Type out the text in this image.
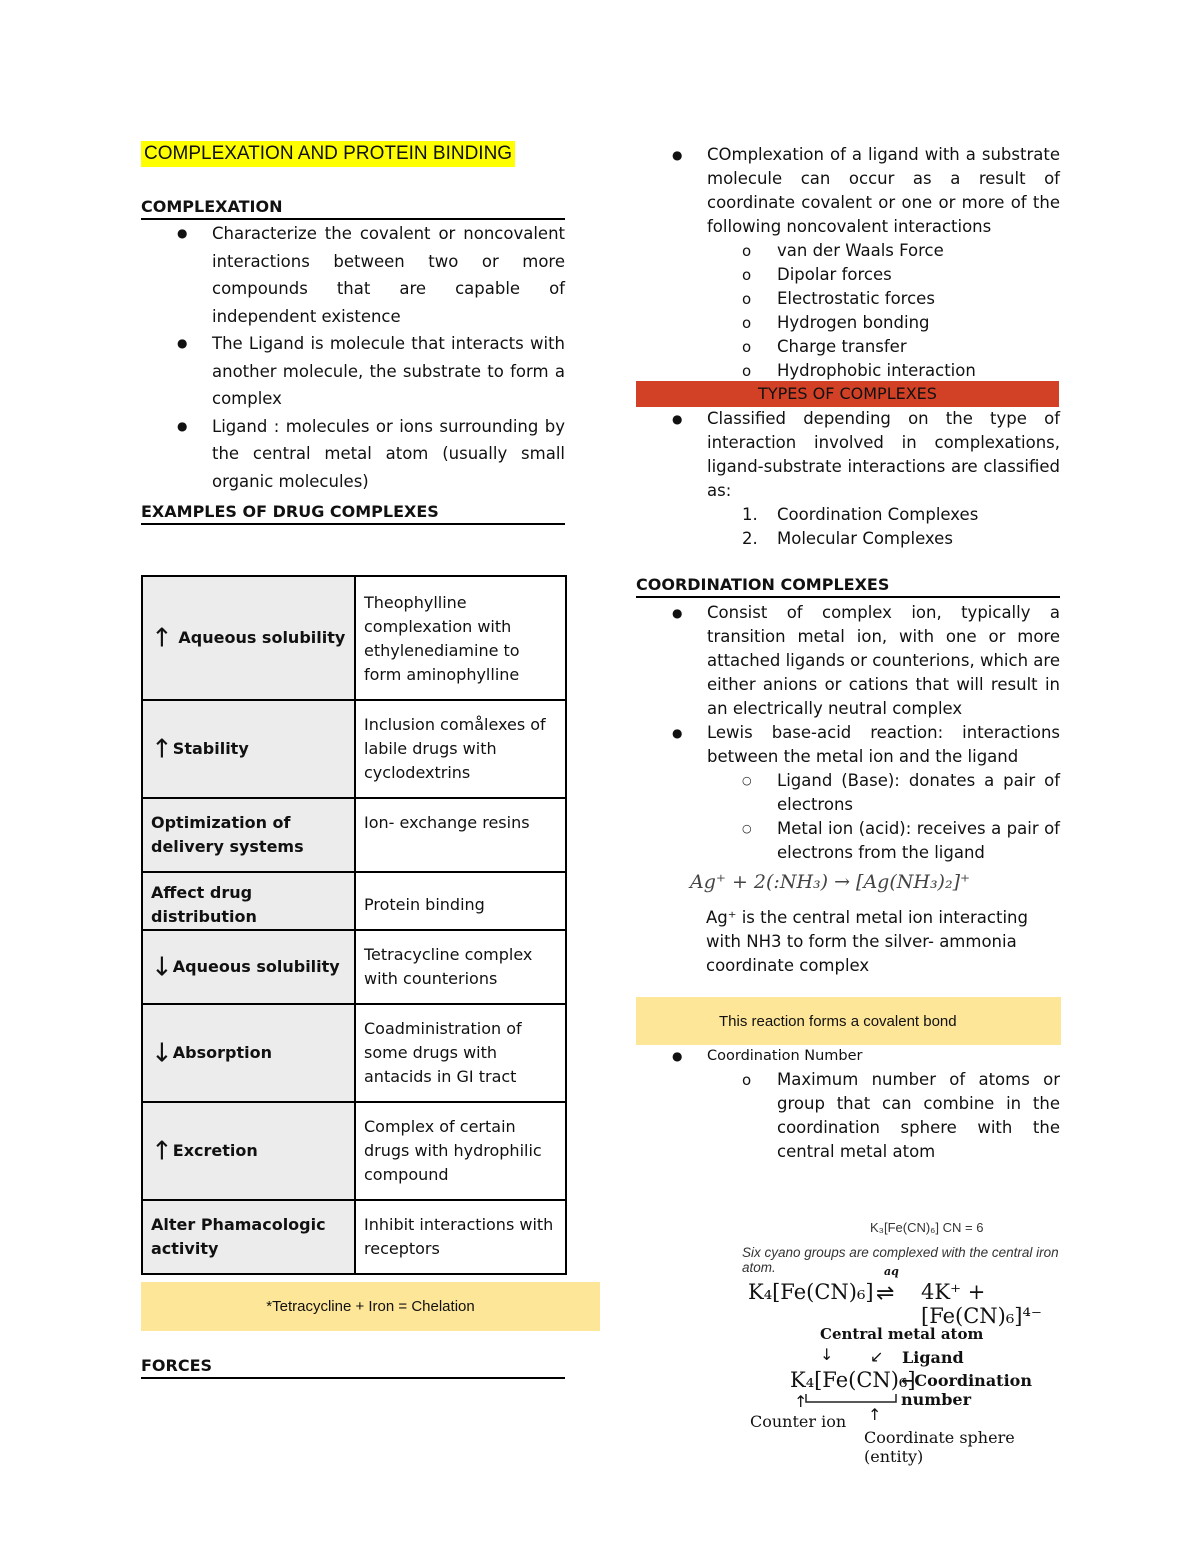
COMPLEXATION AND PROTEIN BINDING
COMPLEXATION
● Characterize the covalent or noncovalent interactions between two or more compounds that are capable of independent existence
● The Ligand is molecule that interacts with another molecule, the substrate to form a complex
● Ligand : molecules or ions surrounding by the central metal atom (usually small organic molecules)
EXAMPLES OF DRUG COMPLEXES
↑ Aqueous solubility	Theophylline complexation with ethylenediamine to form aminophylline
↑Stability	Inclusion comålexes of labile drugs with cyclodextrins
Optimization of delivery systems	Ion- exchange resins
Affect drug distribution	Protein binding
↓Aqueous solubility	Tetracycline complex with counterions
↓Absorption	Coadministration of some drugs with antacids in GI tract
↑Excretion	Complex of certain drugs with hydrophilic compound
Alter Phamacologic activity	Inhibit interactions with receptors
*Tetracycline + Iron = Chelation
FORCES
● COmplexation of a ligand with a substrate molecule can occur as a result of coordinate covalent or one or more of the following noncovalent interactions
o van der Waals Force
o Dipolar forces
o Electrostatic forces
o Hydrogen bonding
o Charge transfer
o Hydrophobic interaction
TYPES OF COMPLEXES
● Classified depending on the type of interaction involved in complexations, ligand-substrate interactions are classified as:
1. Coordination Complexes
2. Molecular Complexes
COORDINATION COMPLEXES
● Consist of complex ion, typically a transition metal ion, with one or more attached ligands or counterions, which are either anions or cations that will result in an electrically neutral complex
● Lewis base-acid reaction: interactions between the metal ion and the ligand
○ Ligand (Base): donates a pair of electrons
○ Metal ion (acid): receives a pair of electrons from the ligand
Ag⁺ + 2(:NH₃) → [Ag(NH₃)₂]⁺
Ag⁺ is the central metal ion interacting with NH3 to form the silver- ammonia coordinate complex
This reaction forms a covalent bond
● Coordination Number
o Maximum number of atoms or group that can combine in the coordination sphere with the central metal atom
K₃[Fe(CN)₆] CN = 6
Six cyano groups are complexed with the central iron atom.
K₄[Fe(CN)₆]
aq
⇌ 4K⁺ + [Fe(CN)₆]⁴⁻
Central metal atom
↓ ↙ Ligand
K₄[Fe(CN)₆]
←Coordination number
↑
Counter ion ↑
Coordinate sphere (entity)
